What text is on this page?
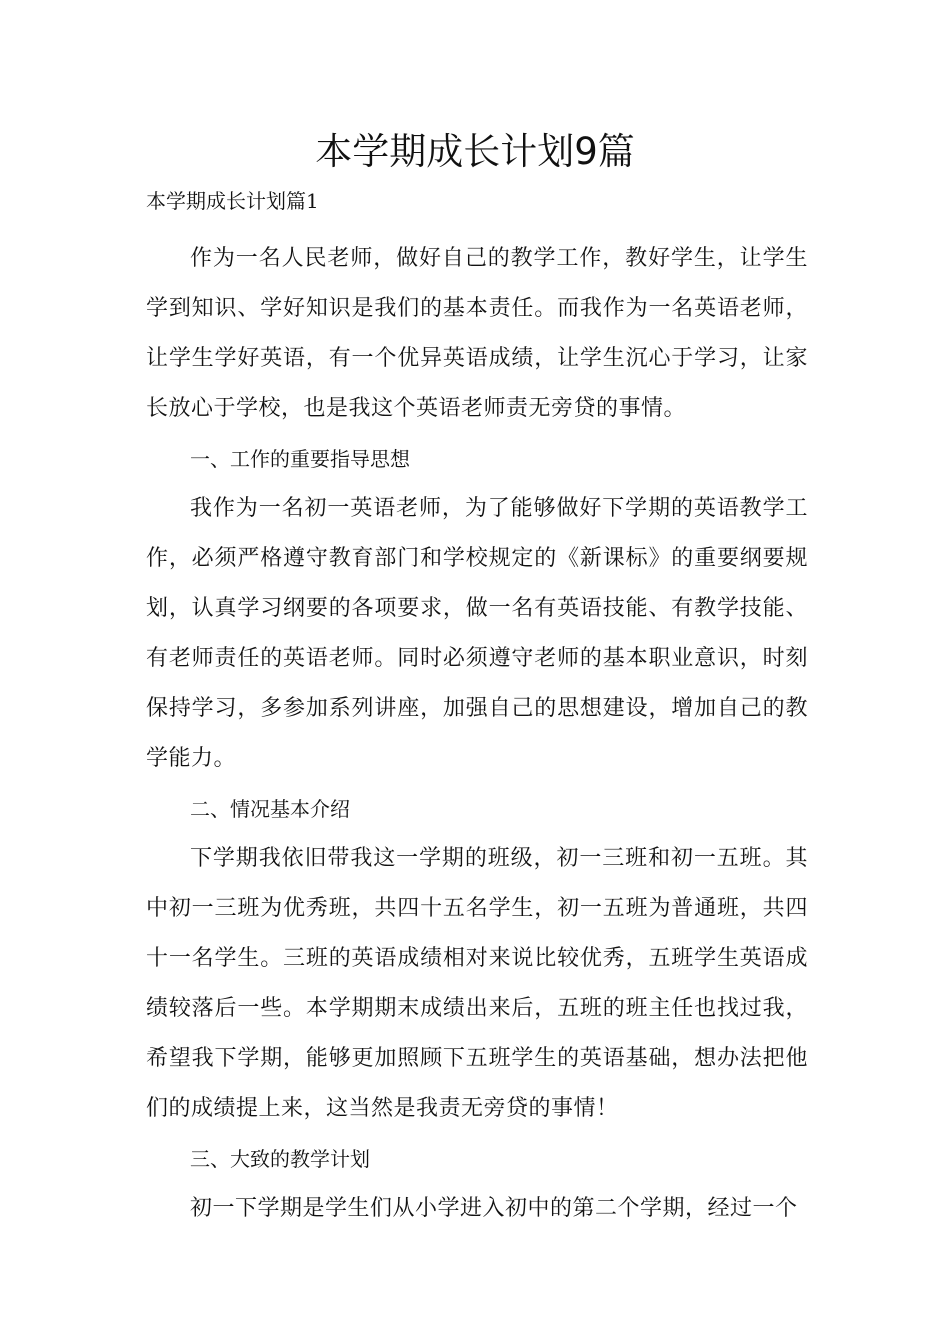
本学期成长计划9篇

本学期成长计划篇1

作为一名人民老师，做好自己的教学工作，教好学生，让学生学到知识、学好知识是我们的基本责任。而我作为一名英语老师，让学生学好英语，有一个优异英语成绩，让学生沉心于学习，让家长放心于学校，也是我这个英语老师责无旁贷的事情。

一、工作的重要指导思想

我作为一名初一英语老师，为了能够做好下学期的英语教学工作，必须严格遵守教育部门和学校规定的《新课标》的重要纲要规划，认真学习纲要的各项要求，做一名有英语技能、有教学技能、有老师责任的英语老师。同时必须遵守老师的基本职业意识，时刻保持学习，多参加系列讲座，加强自己的思想建设，增加自己的教学能力。

二、情况基本介绍

下学期我依旧带我这一学期的班级，初一三班和初一五班。其中初一三班为优秀班，共四十五名学生，初一五班为普通班，共四十一名学生。三班的英语成绩相对来说比较优秀，五班学生英语成绩较落后一些。本学期期末成绩出来后，五班的班主任也找过我，希望我下学期，能够更加照顾下五班学生的英语基础，想办法把他们的成绩提上来，这当然是我责无旁贷的事情！

三、大致的教学计划

初一下学期是学生们从小学进入初中的第二个学期，经过一个
